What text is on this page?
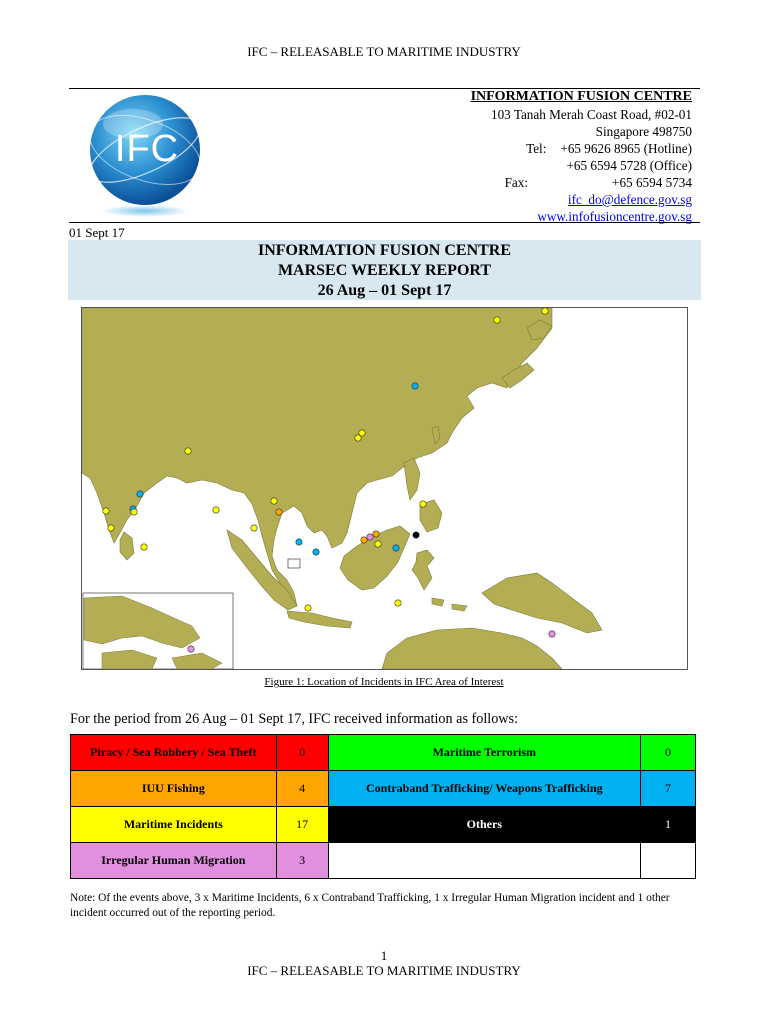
IFC – RELEASABLE TO MARITIME INDUSTRY
IFC
INFORMATION FUSION CENTRE
103 Tanah Merah Coast Road, #02-01
Singapore 498750
Tel: +65 9626 8965 (Hotline)
+65 6594 5728 (Office)
Fax:	+65 6594 5734
ifc_do@defence.gov.sg
www.infofusioncentre.gov.sg
01 Sept 17
INFORMATION FUSION CENTRE
MARSEC WEEKLY REPORT
26 Aug – 01 Sept 17
Figure 1: Location of Incidents in IFC Area of Interest
For the period from 26 Aug – 01 Sept 17, IFC received information as follows:
Piracy / Sea Robbery / Sea Theft	0	Maritime Terrorism	0
IUU Fishing	4	Contraband Trafficking/ Weapons Trafficking	7
Maritime Incidents	17	Others	1
Irregular Human Migration	3		
Note: Of the events above, 3 x Maritime Incidents, 6 x Contraband Trafficking, 1 x Irregular Human Migration incident and 1 other incident occurred out of the reporting period.
1
IFC – RELEASABLE TO MARITIME INDUSTRY
